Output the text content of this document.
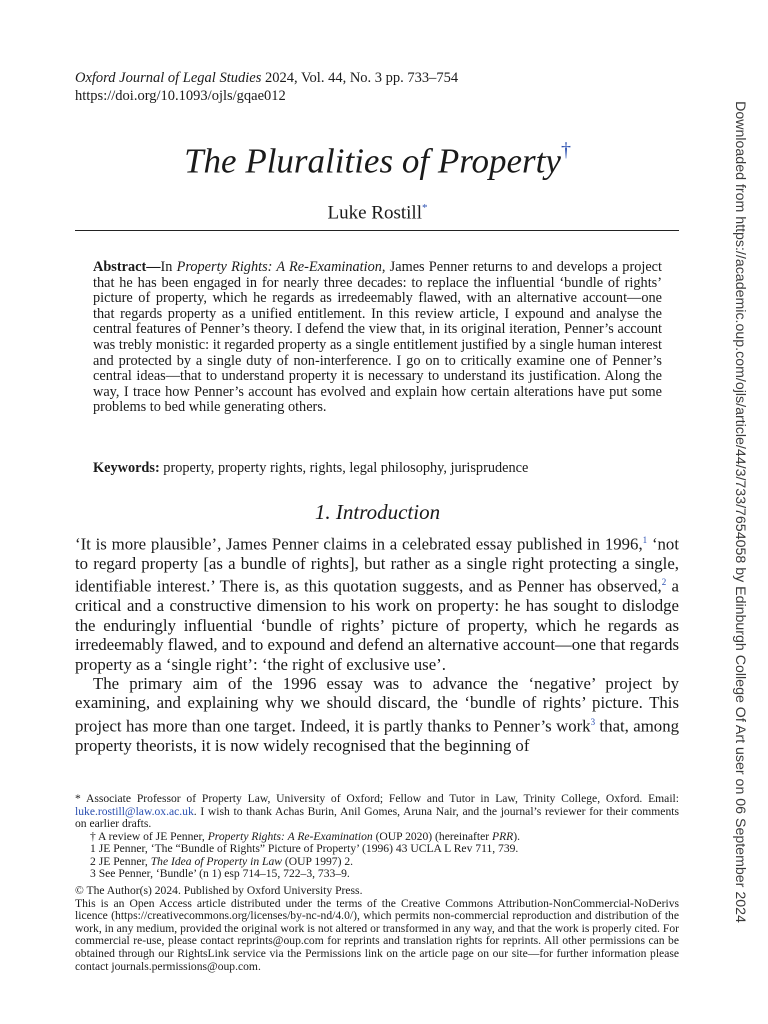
Oxford Journal of Legal Studies 2024, Vol. 44, No. 3 pp. 733–754
https://doi.org/10.1093/ojls/gqae012
The Pluralities of Property†
Luke Rostill*
Abstract—In Property Rights: A Re-Examination, James Penner returns to and develops a project that he has been engaged in for nearly three decades: to replace the influential ‘bundle of rights’ picture of property, which he regards as irredeemably flawed, with an alternative account—one that regards property as a unified entitlement. In this review article, I expound and analyse the central features of Penner’s theory. I defend the view that, in its original iteration, Penner’s account was trebly monistic: it regarded property as a single entitlement justified by a single human interest and protected by a single duty of non-interference. I go on to critically examine one of Penner’s central ideas—that to understand property it is necessary to understand its justification. Along the way, I trace how Penner’s account has evolved and explain how certain alterations have put some problems to bed while generating others.
Keywords: property, property rights, rights, legal philosophy, jurisprudence
1. Introduction

‘It is more plausible’, James Penner claims in a celebrated essay published in 1996,$^1$ ‘not to regard property [as a bundle of rights], but rather as a single right protecting a single, identifiable interest.’ There is, as this quotation suggests, and as Penner has observed,$^2$ a critical and a constructive dimension to his work on property: he has sought to dislodge the enduringly influential ‘bundle of rights’ picture of property, which he regards as irredeemably flawed, and to expound and defend an alternative account—one that regards property as a ‘single right’: ‘the right of exclusive use’.

The primary aim of the 1996 essay was to advance the ‘negative’ project by examining, and explaining why we should discard, the ‘bundle of rights’ picture. This project has more than one target. Indeed, it is partly thanks to Penner’s work$^3$ that, among property theorists, it is now widely recognised that the beginning of

* Associate Professor of Property Law, University of Oxford; Fellow and Tutor in Law, Trinity College, Oxford. Email: luke.rostill@law.ox.ac.uk. I wish to thank Achas Burin, Anil Gomes, Aruna Nair, and the journal’s reviewer for their comments on earlier drafts.

† A review of JE Penner, Property Rights: A Re-Examination (OUP 2020) (hereinafter PRR).

1 JE Penner, ‘The “Bundle of Rights” Picture of Property’ (1996) 43 UCLA L Rev 711, 739.

2 JE Penner, The Idea of Property in Law (OUP 1997) 2.

3 See Penner, ‘Bundle’ (n 1) esp 714–15, 722–3, 733–9.

© The Author(s) 2024. Published by Oxford University Press.

This is an Open Access article distributed under the terms of the Creative Commons Attribution-NonCommercial-NoDerivs licence (https://creativecommons.org/licenses/by-nc-nd/4.0/), which permits non-commercial reproduction and distribution of the work, in any medium, provided the original work is not altered or transformed in any way, and that the work is properly cited. For commercial re-use, please contact reprints@oup.com for reprints and translation rights for reprints. All other permissions can be obtained through our RightsLink service via the Permissions link on the article page on our site—for further information please contact journals.permissions@oup.com.

Downloaded from https://academic.oup.com/ojls/article/44/3/733/7654058 by Edinburgh College Of Art user on 06 September 2024
